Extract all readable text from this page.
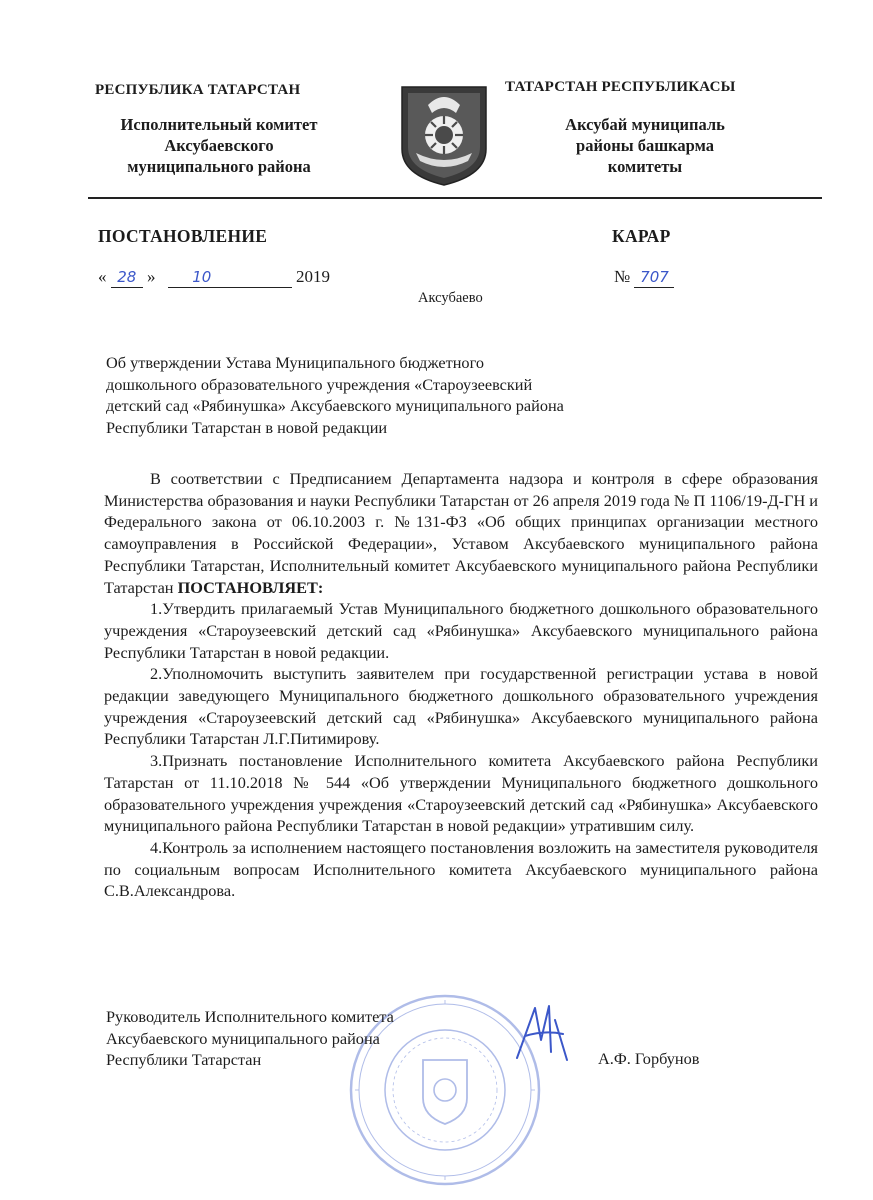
РЕСПУБЛИКА ТАТАРСТАН
Исполнительный комитет
Аксубаевского
муниципального района
ТАТАРСТАН РЕСПУБЛИКАСЫ
Аксубай муниципаль
районы башкарма
комитеты
ПОСТАНОВЛЕНИЕ	КАРАР
« 28 » 10	2019	№ 707
Аксубаево
Об утверждении Устава Муниципального бюджетного
дошкольного образовательного учреждения «Староузеевский
детский сад «Рябинушка» Аксубаевского муниципального района
Республики Татарстан в новой редакции

В соответствии с Предписанием Департамента надзора и контроля в сфере образования Министерства образования и науки Республики Татарстан от 26 апреля 2019 года № П 1106/19-Д-ГН и Федерального закона от 06.10.2003 г. №131-ФЗ «Об общих принципах организации местного самоуправления в Российской Федерации», Уставом Аксубаевского муниципального района Республики Татарстан, Исполнительный комитет Аксубаевского муниципального района Республики Татарстан ПОСТАНОВЛЯЕТ:

1.Утвердить прилагаемый Устав Муниципального бюджетного дошкольного образовательного учреждения «Староузеевский детский сад «Рябинушка» Аксубаевского муниципального района Республики Татарстан в новой редакции.

2.Уполномочить выступить заявителем при государственной регистрации устава в новой редакции заведующего Муниципального бюджетного дошкольного образовательного учреждения учреждения «Староузеевский детский сад «Рябинушка» Аксубаевского муниципального района Республики Татарстан Л.Г.Питимирову.

3.Признать постановление Исполнительного комитета Аксубаевского района Республики Татарстан от 11.10.2018 № 544 «Об утверждении Муниципального бюджетного дошкольного образовательного учреждения учреждения «Староузеевский детский сад «Рябинушка» Аксубаевского муниципального района Республики Татарстан в новой редакции» утратившим силу.

4.Контроль за исполнением настоящего постановления возложить на заместителя руководителя по социальным вопросам Исполнительного комитета Аксубаевского муниципального района С.В.Александрова.

Руководитель Исполнительного комитета
Аксубаевского муниципального района
Республики Татарстан	А.Ф. Горбунов
